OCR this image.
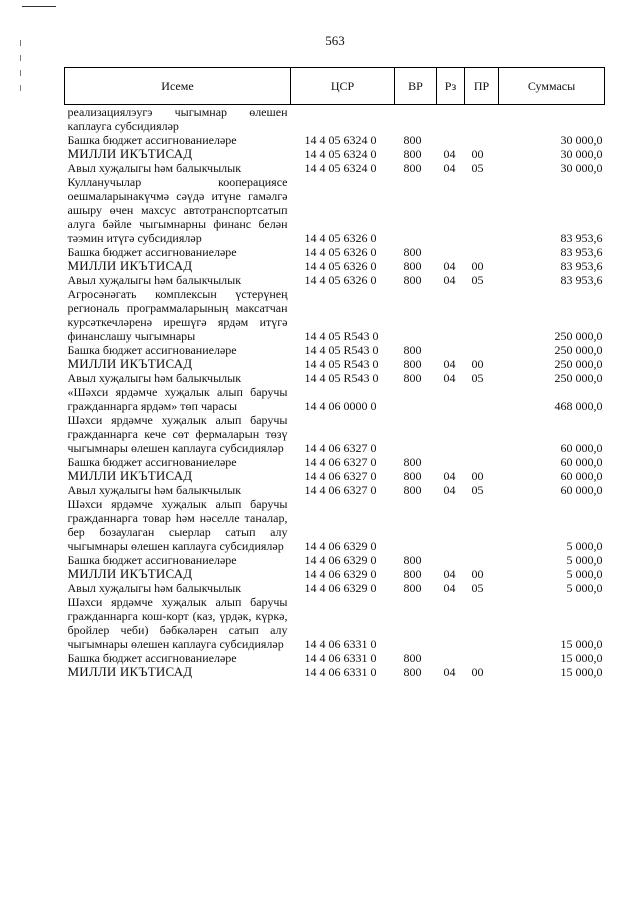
563
Исеме	ЦСР	ВР	Рз	ПР	Суммасы
реализациялэугэ чыгымнар өлешен каплауга субсидияләр					
Башка бюджет ассигнованиеләре	14 4 05 6324 0	800			30 000,0
МИЛЛИ ИКЪТИСАД	14 4 05 6324 0	800	04	00	30 000,0
Авыл хуҗалыгы һәм балыкчылык	14 4 05 6324 0	800	04	05	30 000,0
Кулланучылар кооперациясе оешмаларынакүчмә сәүдә итүне гамәлгә ашыру өчен махсус автотранспортсатып алуга бәйле чыгымнарны финанс белән тәэмин итүгә субсидияләр	14 4 05 6326 0				83 953,6
Башка бюджет ассигнованиеләре	14 4 05 6326 0	800			83 953,6
МИЛЛИ ИКЪТИСАД	14 4 05 6326 0	800	04	00	83 953,6
Авыл хуҗалыгы һәм балыкчылык	14 4 05 6326 0	800	04	05	83 953,6
Агросәнәгать комплексын үстерүнең региональ программаларының максатчан курсәткечләренә ирешүгә ярдәм итүгә финанслашу чыгымнары	14 4 05 R543 0				250 000,0
Башка бюджет ассигнованиеләре	14 4 05 R543 0	800			250 000,0
МИЛЛИ ИКЪТИСАД	14 4 05 R543 0	800	04	00	250 000,0
Авыл хуҗалыгы һәм балыкчылык	14 4 05 R543 0	800	04	05	250 000,0
«Шәхси ярдәмче хуҗалык алып баручы гражданнарга ярдәм» төп чарасы	14 4 06 0000 0				468 000,0
Шәхси ярдәмче хуҗалык алып баручы гражданнарга кече сөт фермаларын төзү чыгымнары өлешен каплауга субсидияләр	14 4 06 6327 0				60 000,0
Башка бюджет ассигнованиеләре	14 4 06 6327 0	800			60 000,0
МИЛЛИ ИКЪТИСАД	14 4 06 6327 0	800	04	00	60 000,0
Авыл хуҗалыгы һәм балыкчылык	14 4 06 6327 0	800	04	05	60 000,0
Шәхси ярдәмче хуҗалык алып баручы гражданнарга товар һәм нәселле таналар, бер бозаулаган сыерлар сатып алу чыгымнары өлешен каплауга субсидияләр	14 4 06 6329 0				5 000,0
Башка бюджет ассигнованиеләре	14 4 06 6329 0	800			5 000,0
МИЛЛИ ИКЪТИСАД	14 4 06 6329 0	800	04	00	5 000,0
Авыл хуҗалыгы һәм балыкчылык	14 4 06 6329 0	800	04	05	5 000,0
Шәхси ярдәмче хуҗалык алып баручы гражданнарга кош-корт (каз, үрдәк, күркә, бройлер чеби) бәбкәләрен сатып алу чыгымнары өлешен каплауга субсидияләр	14 4 06 6331 0				15 000,0
Башка бюджет ассигнованиеләре	14 4 06 6331 0	800			15 000,0
МИЛЛИ ИКЪТИСАД	14 4 06 6331 0	800	04	00	15 000,0
